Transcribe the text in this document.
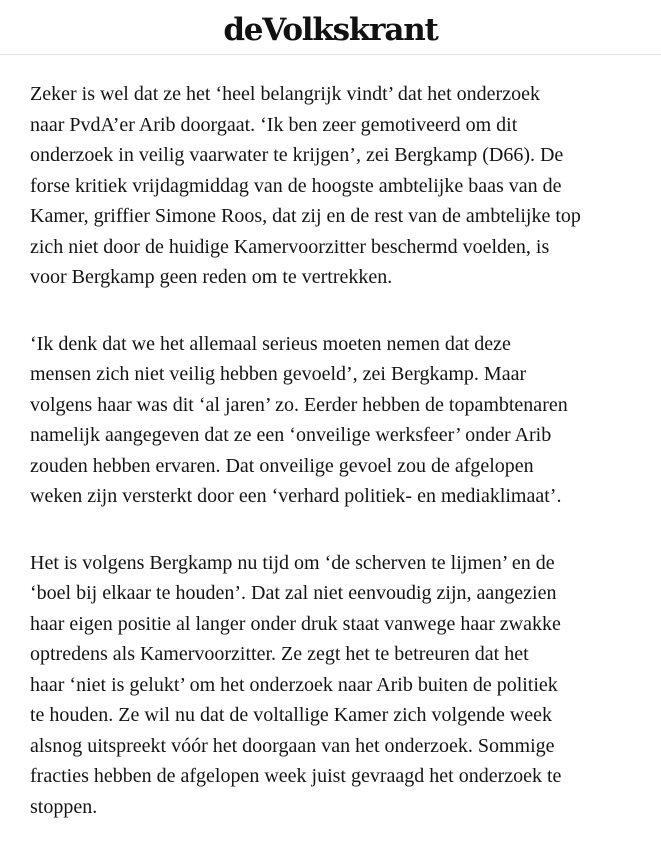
deVolkskrant

Zeker is wel dat ze het ‘heel belangrijk vindt’ dat het onderzoek
naar PvdA’er Arib doorgaat. ‘Ik ben zeer gemotiveerd om dit
onderzoek in veilig vaarwater te krijgen’, zei Bergkamp (D66). De
forse kritiek vrijdagmiddag van de hoogste ambtelijke baas van de
Kamer, griffier Simone Roos, dat zij en de rest van de ambtelijke top
zich niet door de huidige Kamervoorzitter beschermd voelden, is
voor Bergkamp geen reden om te vertrekken.

‘Ik denk dat we het allemaal serieus moeten nemen dat deze
mensen zich niet veilig hebben gevoeld’, zei Bergkamp. Maar
volgens haar was dit ‘al jaren’ zo. Eerder hebben de topambtenaren
namelijk aangegeven dat ze een ‘onveilige werksfeer’ onder Arib
zouden hebben ervaren. Dat onveilige gevoel zou de afgelopen
weken zijn versterkt door een ‘verhard politiek- en mediaklimaat’.

Het is volgens Bergkamp nu tijd om ‘de scherven te lijmen’ en de
‘boel bij elkaar te houden’. Dat zal niet eenvoudig zijn, aangezien
haar eigen positie al langer onder druk staat vanwege haar zwakke
optredens als Kamervoorzitter. Ze zegt het te betreuren dat het
haar ‘niet is gelukt’ om het onderzoek naar Arib buiten de politiek
te houden. Ze wil nu dat de voltallige Kamer zich volgende week
alsnog uitspreekt vóór het doorgaan van het onderzoek. Sommige
fracties hebben de afgelopen week juist gevraagd het onderzoek te
stoppen.
